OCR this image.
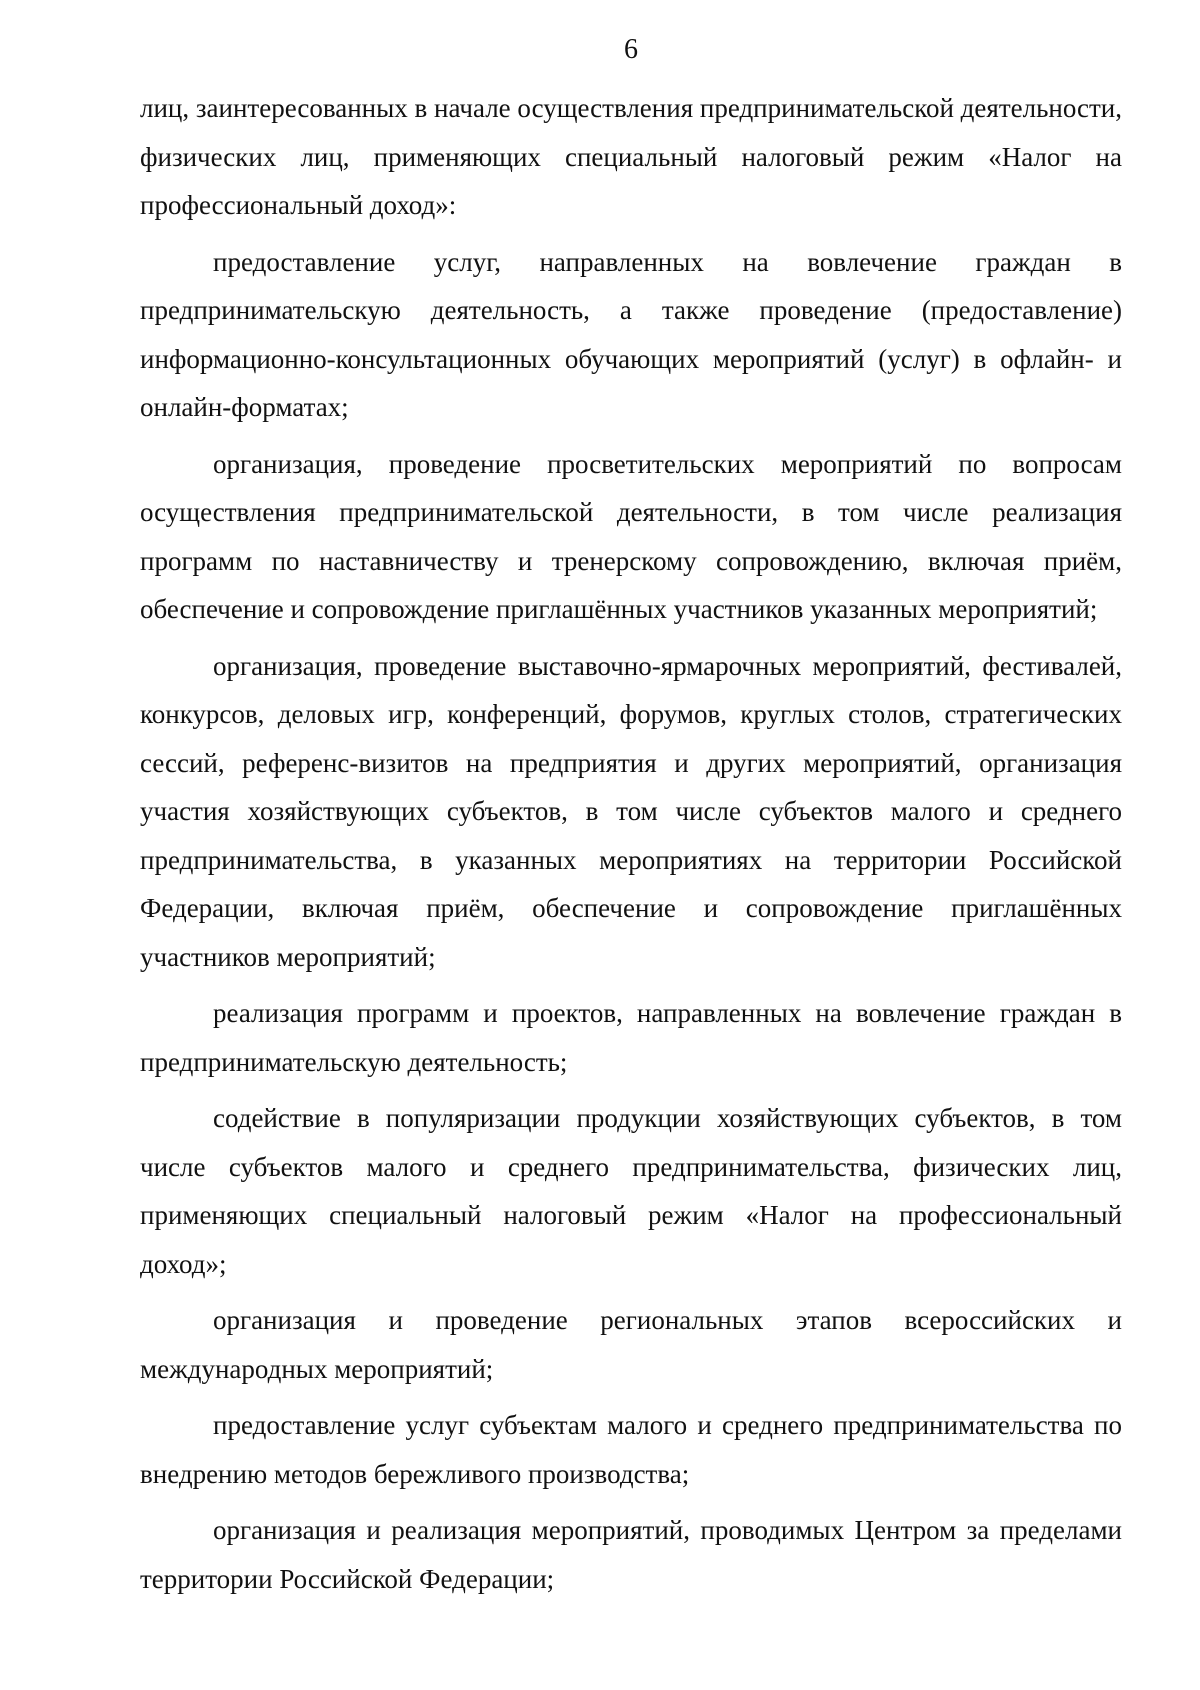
6

лиц, заинтересованных в начале осуществления предпринимательской деятельности, физических лиц, применяющих специальный налоговый режим «Налог на профессиональный доход»:

предоставление услуг, направленных на вовлечение граждан в предпринимательскую деятельность, а также проведение (предоставление) информационно-консультационных обучающих мероприятий (услуг) в офлайн- и онлайн-форматах;

организация, проведение просветительских мероприятий по вопросам осуществления предпринимательской деятельности, в том числе реализация программ по наставничеству и тренерскому сопровождению, включая приём, обеспечение и сопровождение приглашённых участников указанных мероприятий;

организация, проведение выставочно-ярмарочных мероприятий, фестивалей, конкурсов, деловых игр, конференций, форумов, круглых столов, стратегических сессий, референс-визитов на предприятия и других мероприятий, организация участия хозяйствующих субъектов, в том числе субъектов малого и среднего предпринимательства, в указанных мероприятиях на территории Российской Федерации, включая приём, обеспечение и сопровождение приглашённых участников мероприятий;

реализация программ и проектов, направленных на вовлечение граждан в предпринимательскую деятельность;

содействие в популяризации продукции хозяйствующих субъектов, в том числе субъектов малого и среднего предпринимательства, физических лиц, применяющих специальный налоговый режим «Налог на профессиональный доход»;

организация и проведение региональных этапов всероссийских и международных мероприятий;

предоставление услуг субъектам малого и среднего предпринимательства по внедрению методов бережливого производства;

организация и реализация мероприятий, проводимых Центром за пределами территории Российской Федерации;
